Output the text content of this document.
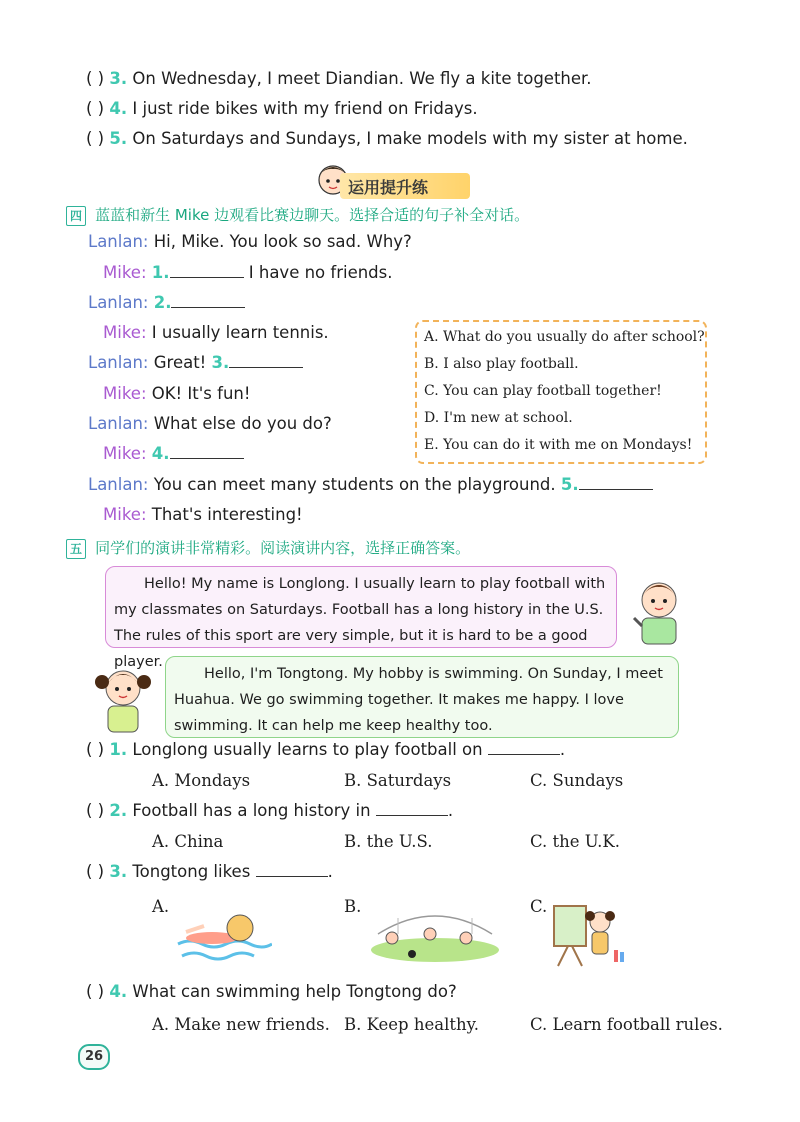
( ) 3. On Wednesday, I meet Diandian. We fly a kite together.
( ) 4. I just ride bikes with my friend on Fridays.
( ) 5. On Saturdays and Sundays, I make models with my sister at home.
运用提升练
四 蓝蓝和新生 Mike 边观看比赛边聊天。选择合适的句子补全对话。
Lanlan: Hi, Mike. You look so sad. Why?
Mike: 1.	I have no friends.
Lanlan: 2.
Mike: I usually learn tennis.
Lanlan: Great! 3.
Mike: OK! It's fun!
Lanlan: What else do you do?
Mike: 4.
Lanlan: You can meet many students on the playground. 5.
Mike: That's interesting!
A. What do you usually do after school?
B. I also play football.
C. You can play football together!
D. I'm new at school.
E. You can do it with me on Mondays!
五 同学们的演讲非常精彩。阅读演讲内容，选择正确答案。
Hello! My name is Longlong. I usually learn to play football with my classmates on Saturdays. Football has a long history in the U.S. The rules of this sport are very simple, but it is hard to be a good player.
Hello, I'm Tongtong. My hobby is swimming. On Sunday, I meet Huahua. We go swimming together. It makes me happy. I love swimming. It can help me keep healthy too.
( ) 1. Longlong usually learns to play football on	.
A. Mondays	B. Saturdays	C. Sundays
( ) 2. Football has a long history in	.
A. China	B. the U.S.	C. the U.K.
( ) 3. Tongtong likes	.
A.	B.	C.
( ) 4. What can swimming help Tongtong do?
A. Make new friends. B. Keep healthy.	C. Learn football rules.
26
